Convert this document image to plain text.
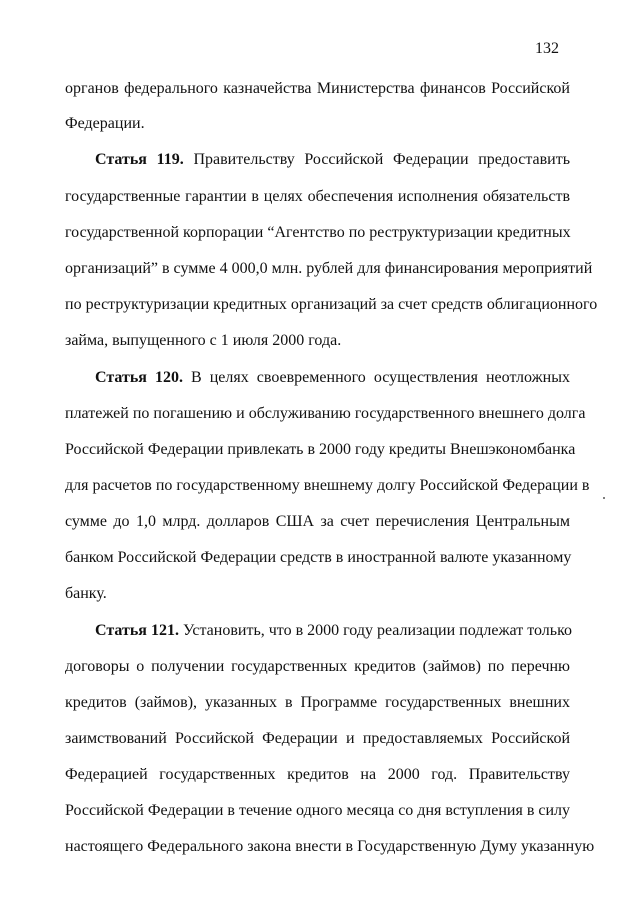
132
органов федерального казначейства Министерства финансов Российской
Федерации.
Статья 119. Правительству Российской Федерации предоставить
государственные гарантии в целях обеспечения исполнения обязательств
государственной корпорации “Агентство по реструктуризации кредитных
организаций” в сумме 4 000,0 млн. рублей для финансирования мероприятий
по реструктуризации кредитных организаций за счет средств облигационного
займа, выпущенного с 1 июля 2000 года.
Статья 120. В целях своевременного осуществления неотложных
платежей по погашению и обслуживанию государственного внешнего долга
Российской Федерации привлекать в 2000 году кредиты Внешэкономбанка
для расчетов по государственному внешнему долгу Российской Федерации в
сумме до 1,0 млрд. долларов США за счет перечисления Центральным
банком Российской Федерации средств в иностранной валюте указанному
банку.
Статья 121. Установить, что в 2000 году реализации подлежат только
договоры о получении государственных кредитов (займов) по перечню
кредитов (займов), указанных в Программе государственных внешних
заимствований Российской Федерации и предоставляемых Российской
Федерацией государственных кредитов на 2000 год. Правительству
Российской Федерации в течение одного месяца со дня вступления в силу
настоящего Федерального закона внести в Государственную Думу указанную
